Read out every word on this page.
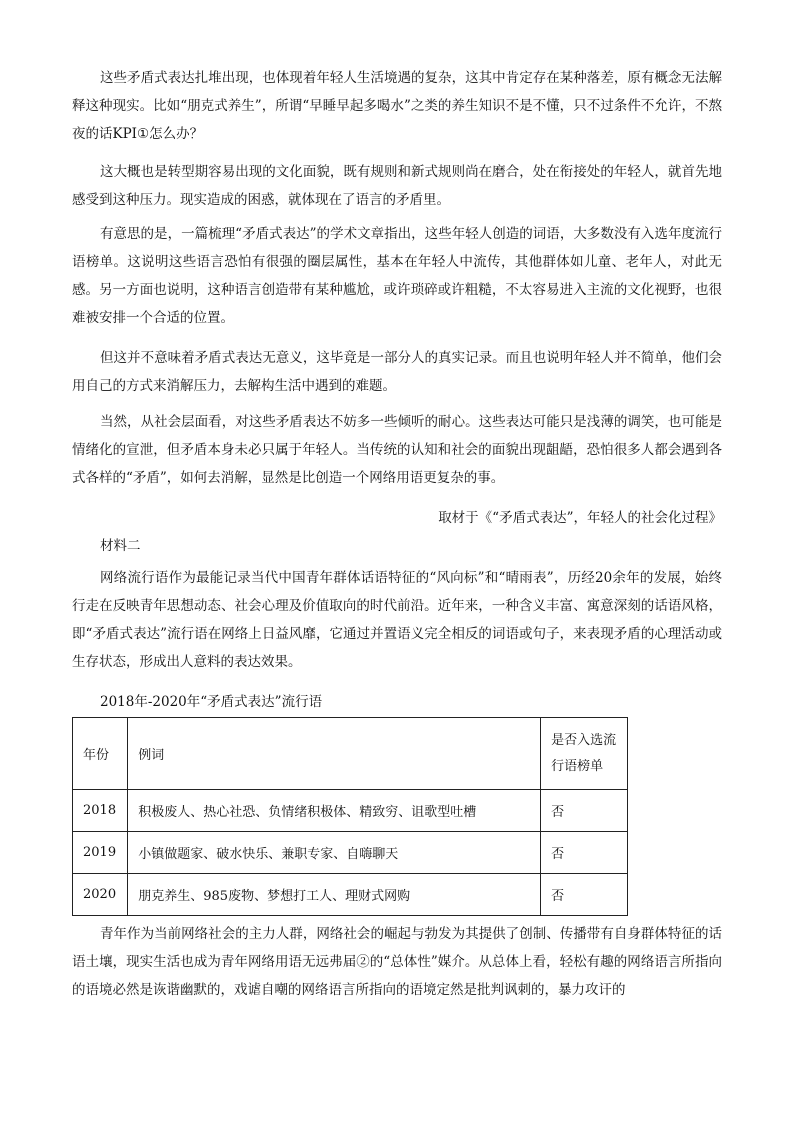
这些矛盾式表达扎堆出现，也体现着年轻人生活境遇的复杂，这其中肯定存在某种落差，原有概念无法解释这种现实。比如“朋克式养生”，所谓“早睡早起多喝水”之类的养生知识不是不懂，只不过条件不允许，不熬夜的话KPI①怎么办？

这大概也是转型期容易出现的文化面貌，既有规则和新式规则尚在磨合，处在衔接处的年轻人，就首先地感受到这种压力。现实造成的困惑，就体现在了语言的矛盾里。

有意思的是，一篇梳理“矛盾式表达”的学术文章指出，这些年轻人创造的词语，大多数没有入选年度流行语榜单。这说明这些语言恐怕有很强的圈层属性，基本在年轻人中流传，其他群体如儿童、老年人，对此无感。另一方面也说明，这种语言创造带有某种尴尬，或许琐碎或许粗糙，不太容易进入主流的文化视野，也很难被安排一个合适的位置。

但这并不意味着矛盾式表达无意义，这毕竟是一部分人的真实记录。而且也说明年轻人并不简单，他们会用自己的方式来消解压力，去解构生活中遇到的难题。

当然，从社会层面看，对这些矛盾表达不妨多一些倾听的耐心。这些表达可能只是浅薄的调笑，也可能是情绪化的宣泄，但矛盾本身未必只属于年轻人。当传统的认知和社会的面貌出现龃龉，恐怕很多人都会遇到各式各样的“矛盾”，如何去消解，显然是比创造一个网络用语更复杂的事。

取材于《“矛盾式表达”，年轻人的社会化过程》
材料二

网络流行语作为最能记录当代中国青年群体话语特征的“风向标”和“晴雨表”，历经20余年的发展，始终行走在反映青年思想动态、社会心理及价值取向的时代前沿。近年来，一种含义丰富、寓意深刻的话语风格，即“矛盾式表达”流行语在网络上日益风靡，它通过并置语义完全相反的词语或句子，来表现矛盾的心理活动或生存状态，形成出人意料的表达效果。

2018年-2020年“矛盾式表达”流行语
年份	例词	是否入选流行语榜单
2018	积极废人、热心社恐、负情绪积极体、精致穷、诅歌型吐槽	否
2019	小镇做题家、破水快乐、兼职专家、自嗨聊天	否
2020	朋克养生、985废物、梦想打工人、理财式网购	否

青年作为当前网络社会的主力人群，网络社会的崛起与勃发为其提供了创制、传播带有自身群体特征的话语土壤，现实生活也成为青年网络用语无远弗届②的“总体性”媒介。从总体上看，轻松有趣的网络语言所指向的语境必然是诙谐幽默的，戏谑自嘲的网络语言所指向的语境定然是批判讽刺的，暴力攻讦的
